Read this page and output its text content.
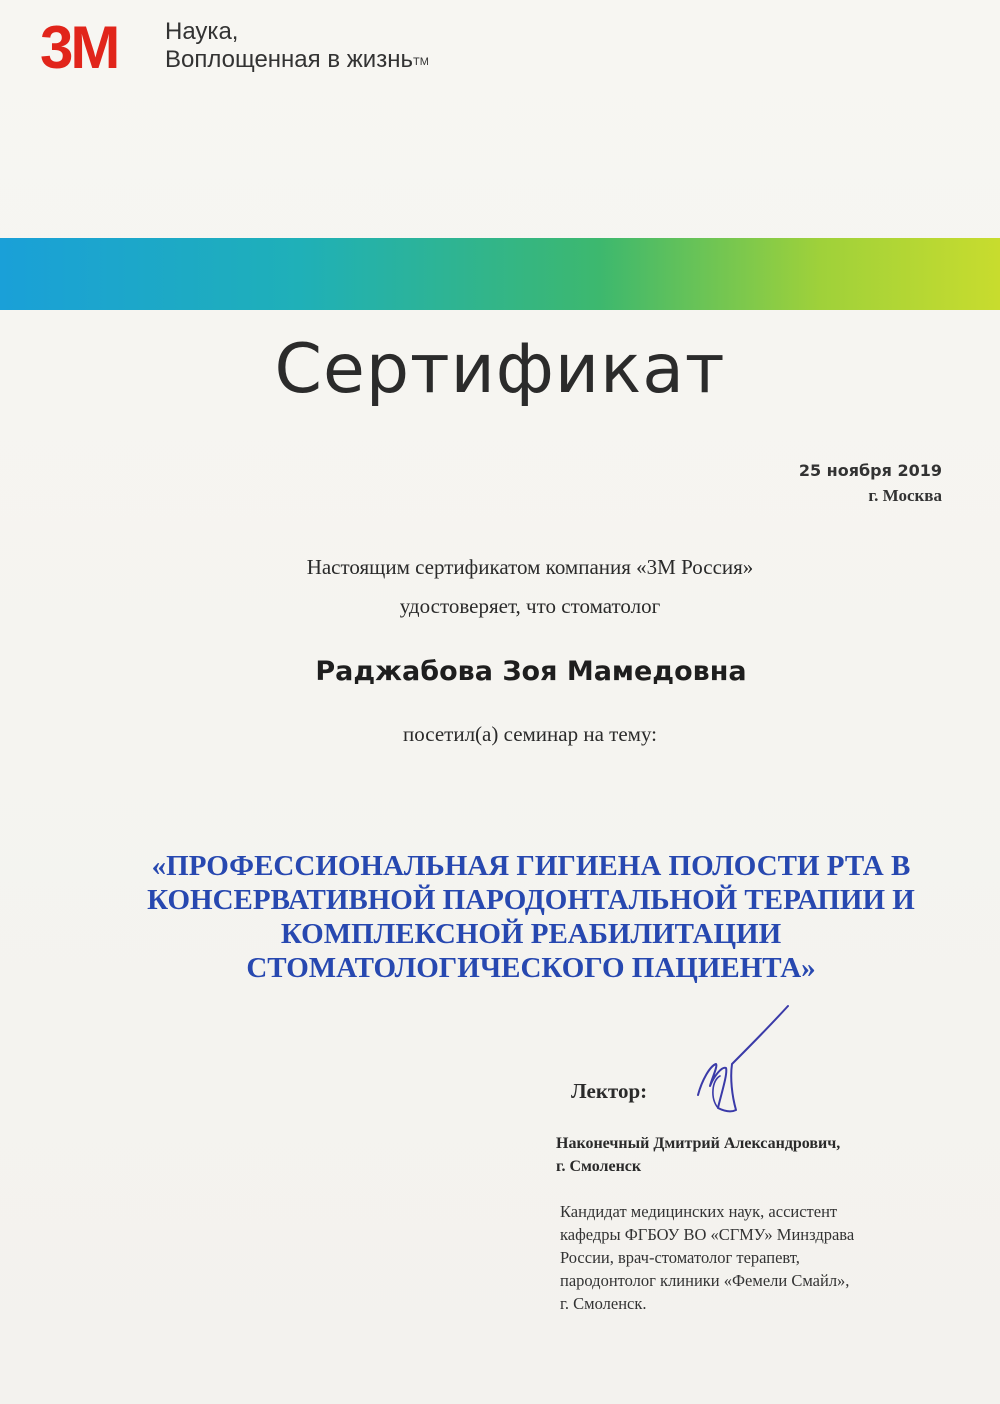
3M Наука,
Воплощенная в жизнь™
Сертификат
25 ноября 2019
г. Москва
Настоящим сертификатом компания «3М Россия»
удостоверяет, что стоматолог
Раджабова Зоя Мамедовна
посетил(а) семинар на тему:
«ПРОФЕССИОНАЛЬНАЯ ГИГИЕНА ПОЛОСТИ РТА В
КОНСЕРВАТИВНОЙ ПАРОДОНТАЛЬНОЙ ТЕРАПИИ И
КОМПЛЕКСНОЙ РЕАБИЛИТАЦИИ
СТОМАТОЛОГИЧЕСКОГО ПАЦИЕНТА»
Лектор:
Наконечный Дмитрий Александрович,
г. Смоленск
Кандидат медицинских наук, ассистент
кафедры ФГБОУ ВО «СГМУ» Минздрава
России, врач-стоматолог терапевт,
пародонтолог клиники «Фемели Смайл»,
г. Смоленск.
